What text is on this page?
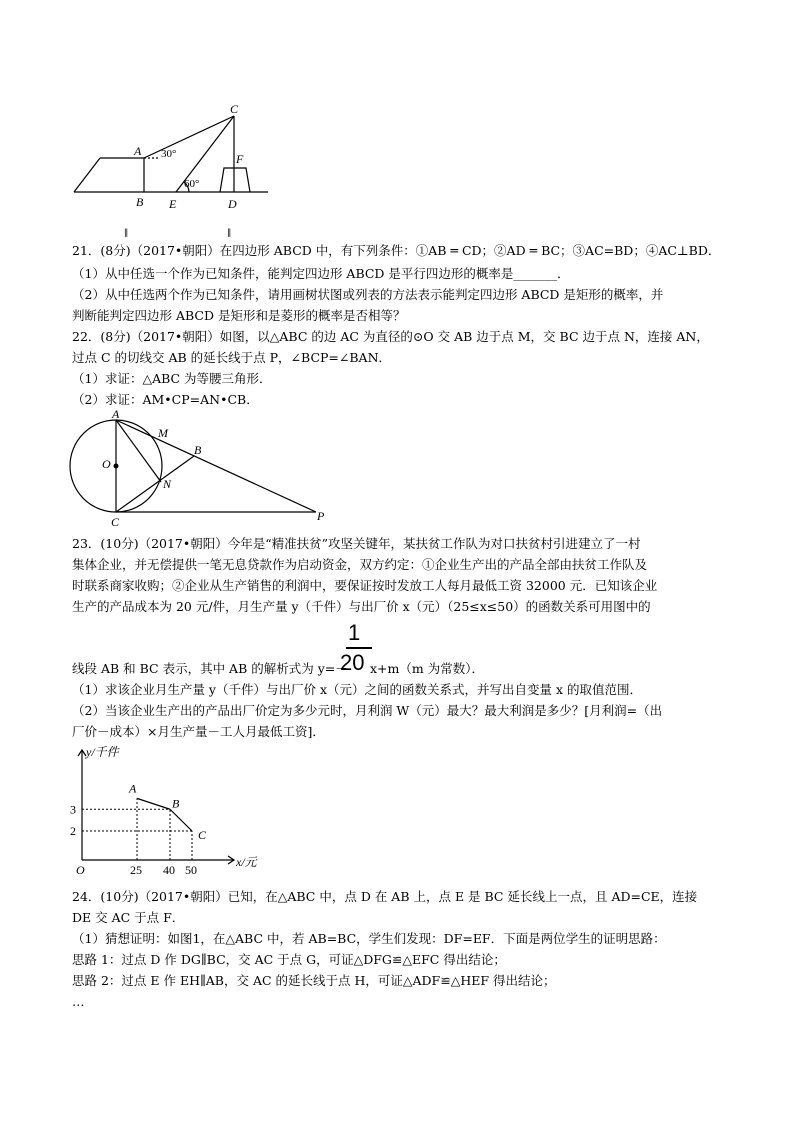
A
B
C
D
E
F
30°
60°
∥	∥
21．(8分)（2017•朝阳）在四边形 ABCD 中，有下列条件：①AB ═ CD；②AD ═ BC；③AC=BD；④AC⊥BD．
（1）从中任选一个作为已知条件，能判定四边形 ABCD 是平行四边形的概率是_______．
（2）从中任选两个作为已知条件，请用画树状图或列表的方法表示能判定四边形 ABCD 是矩形的概率，并
判断能判定四边形 ABCD 是矩形和是菱形的概率是否相等？
22．(8分)（2017•朝阳）如图，以△ABC 的边 AC 为直径的⊙O 交 AB 边于点 M，交 BC 边于点 N，连接 AN，
过点 C 的切线交 AB 的延长线于点 P，∠BCP=∠BAN．
（1）求证：△ABC 为等腰三角形．
（2）求证：AM•CP=AN•CB．
A
M
B
O
N
C	P
23．(10分)（2017•朝阳）今年是“精准扶贫”攻坚关键年，某扶贫工作队为对口扶贫村引进建立了一村
集体企业，并无偿提供一笔无息贷款作为启动资金，双方约定：①企业生产出的产品全部由扶贫工作队及
时联系商家收购；②企业从生产销售的利润中，要保证按时发放工人每月最低工资 32000 元．已知该企业
生产的产品成本为 20 元/件，月生产量 y（千件）与出厂价 x（元）（25≤x≤50）的函数关系可用图中的
1
20
线段 AB 和 BC 表示，其中 AB 的解析式为 y=－ x+m（m 为常数）．
（1）求该企业月生产量 y（千件）与出厂价 x（元）之间的函数关系式，并写出自变量 x 的取值范围．
（2）当该企业生产出的产品出厂价定为多少元时，月利润 W（元）最大？最大利润是多少？[月利润=（出
厂价－成本）×月生产量－工人月最低工资]．
A
B
C
25 40 50
2
3
O
x/元
y/千件
24．(10分)（2017•朝阳）已知，在△ABC 中，点 D 在 AB 上，点 E 是 BC 延长线上一点，且 AD=CE，连接
DE 交 AC 于点 F．
（1）猜想证明：如图1，在△ABC 中，若 AB=BC，学生们发现：DF=EF．下面是两位学生的证明思路：
思路 1：过点 D 作 DG∥BC，交 AC 于点 G，可证△DFG≌△EFC 得出结论；
思路 2：过点 E 作 EH∥AB，交 AC 的延长线于点 H，可证△ADF≌△HEF 得出结论；
…
